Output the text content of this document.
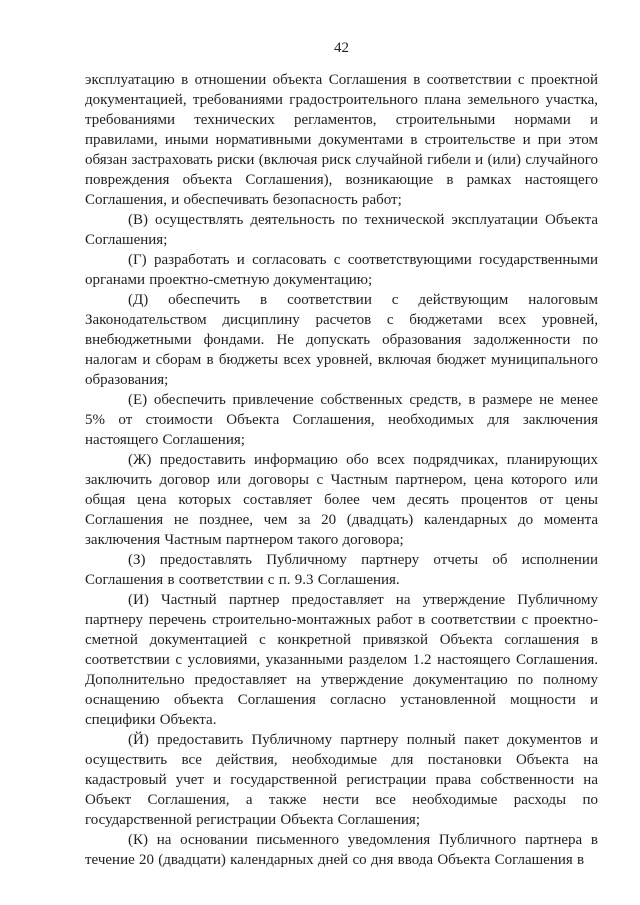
42

эксплуатацию в отношении объекта Соглашения в соответствии с проектной документацией, требованиями градостроительного плана земельного участка, требованиями технических регламентов, строительными нормами и правилами, иными нормативными документами в строительстве и при этом обязан застраховать риски (включая риск случайной гибели и (или) случайного повреждения объекта Соглашения), возникающие в рамках настоящего Соглашения, и обеспечивать безопасность работ;

(В) осуществлять деятельность по технической эксплуатации Объекта Соглашения;

(Г) разработать и согласовать с соответствующими государственными органами проектно-сметную документацию;

(Д) обеспечить в соответствии с действующим налоговым Законодательством дисциплину расчетов с бюджетами всех уровней, внебюджетными фондами. Не допускать образования задолженности по налогам и сборам в бюджеты всех уровней, включая бюджет муниципального образования;

(Е) обеспечить привлечение собственных средств, в размере не менее 5% от стоимости Объекта Соглашения, необходимых для заключения настоящего Соглашения;

(Ж) предоставить информацию обо всех подрядчиках, планирующих заключить договор или договоры с Частным партнером, цена которого или общая цена которых составляет более чем десять процентов от цены Соглашения не позднее, чем за 20 (двадцать) календарных до момента заключения Частным партнером такого договора;

(З) предоставлять Публичному партнеру отчеты об исполнении Соглашения в соответствии с п. 9.3 Соглашения.

(И) Частный партнер предоставляет на утверждение Публичному партнеру перечень строительно-монтажных работ в соответствии с проектно-сметной документацией с конкретной привязкой Объекта соглашения в соответствии с условиями, указанными разделом 1.2 настоящего Соглашения. Дополнительно предоставляет на утверждение документацию по полному оснащению объекта Соглашения согласно установленной мощности и специфики Объекта.

(Й) предоставить Публичному партнеру полный пакет документов и осуществить все действия, необходимые для постановки Объекта на кадастровый учет и государственной регистрации права собственности на Объект Соглашения, а также нести все необходимые расходы по государственной регистрации Объекта Соглашения;

(К) на основании письменного уведомления Публичного партнера в течение 20 (двадцати) календарных дней со дня ввода Объекта Соглашения в
